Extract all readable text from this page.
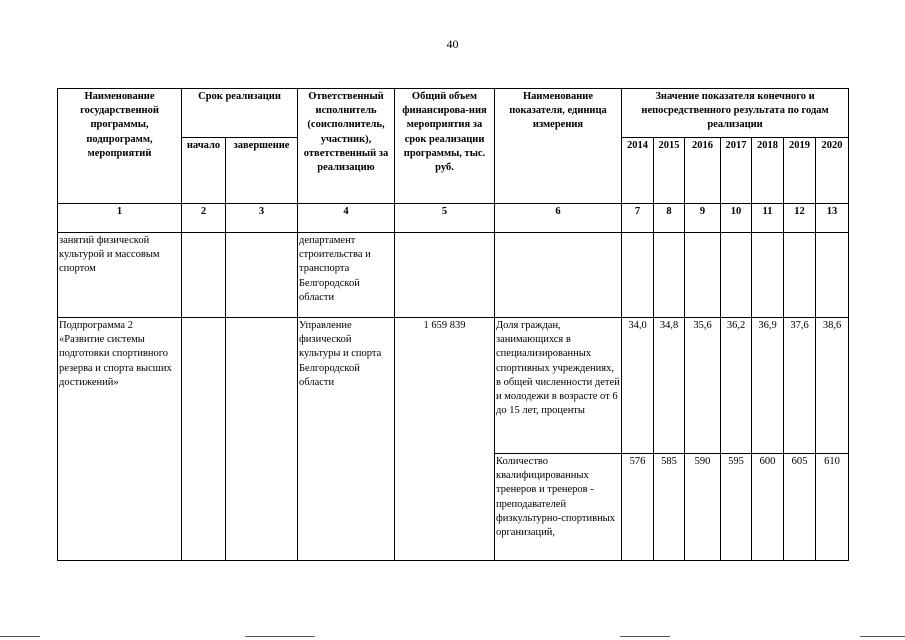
40
Наименование государственной программы, подпрограмм, мероприятий	Срок реализации		Ответственный исполнитель (соисполнитель, участник), ответственный за реализацию	Общий объем финансирова-ния мероприятия за срок реализации программы, тыс. руб.	Наименование показателя, единица измерения	Значение показателя конечного и непосредственного результата по годам реализации						
	начало	завершение				2014	2015	2016	2017	2018	2019	2020
1	2	3	4	5	6	7	8	9	10	11	12	13
занятий физической культурой и массовым спортом			департамент строительства и транспорта Белгородской области									
Подпрограмма 2 «Развитие системы подготовки спортивного резерва и спорта высших достижений»			Управление физической культуры и спорта Белгородской области	1 659 839	Доля граждан, занимающихся в специализированных спортивных учреждениях, в общей численности детей и молодежи в возрасте от 6 до 15 лет, проценты	34,0	34,8	35,6	36,2	36,9	37,6	38,6
					Количество квалифицированных тренеров и тренеров - преподавателей физкультурно-спортивных организаций,	576	585	590	595	600	605	610
